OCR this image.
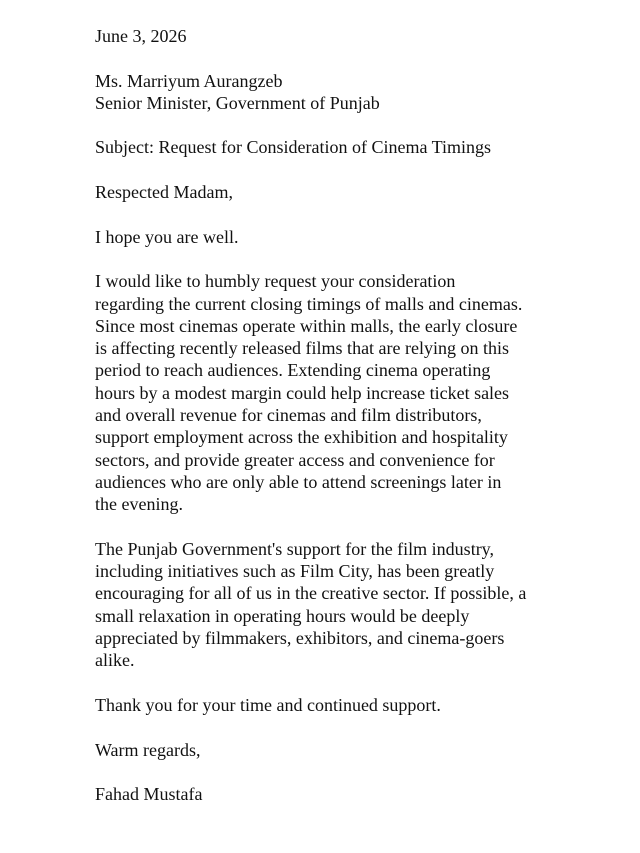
June 3, 2026
Ms. Marriyum Aurangzeb
Senior Minister, Government of Punjab
Subject: Request for Consideration of Cinema Timings
Respected Madam,
I hope you are well.

I would like to humbly request your consideration
regarding the current closing timings of malls and cinemas.
Since most cinemas operate within malls, the early closure
is affecting recently released films that are relying on this
period to reach audiences. Extending cinema operating
hours by a modest margin could help increase ticket sales
and overall revenue for cinemas and film distributors,
support employment across the exhibition and hospitality
sectors, and provide greater access and convenience for
audiences who are only able to attend screenings later in
the evening.

The Punjab Government's support for the film industry,
including initiatives such as Film City, has been greatly
encouraging for all of us in the creative sector. If possible, a
small relaxation in operating hours would be deeply
appreciated by filmmakers, exhibitors, and cinema-goers
alike.

Thank you for your time and continued support.
Warm regards,
Fahad Mustafa
